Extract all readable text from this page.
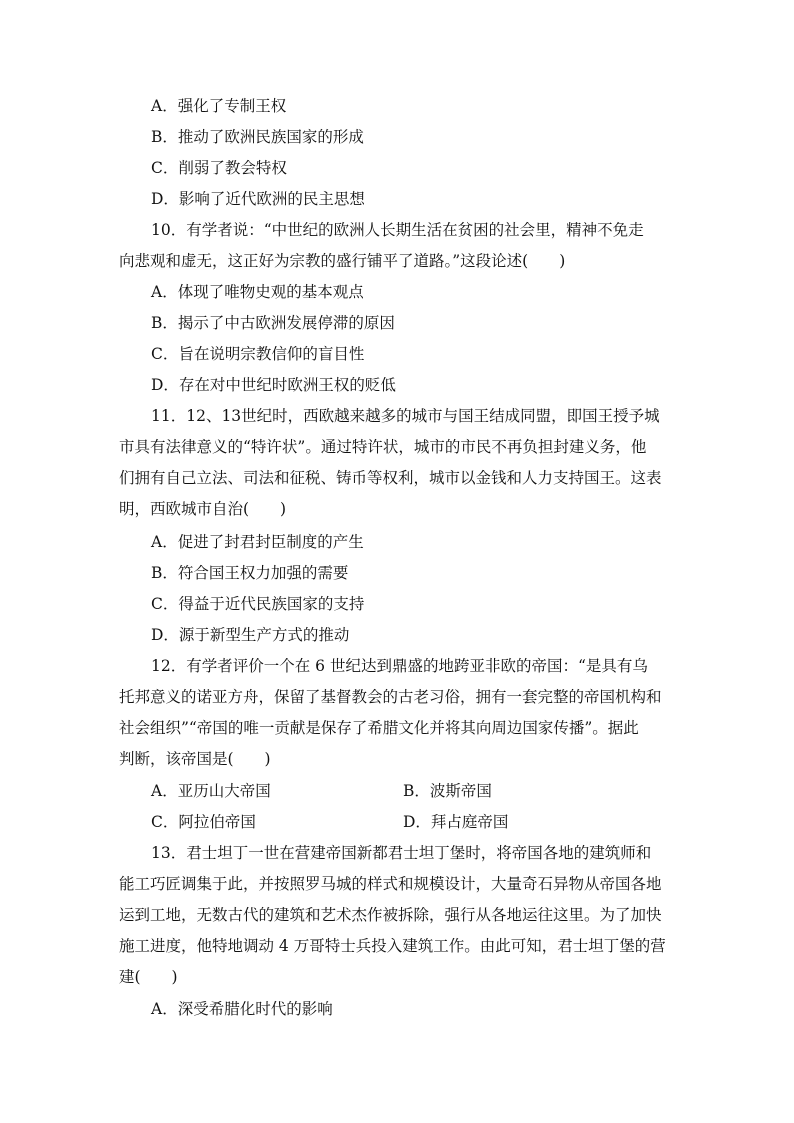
A．强化了专制王权
B．推动了欧洲民族国家的形成
C．削弱了教会特权
D．影响了近代欧洲的民主思想
10．有学者说：“中世纪的欧洲人长期生活在贫困的社会里，精神不免走
向悲观和虚无，这正好为宗教的盛行铺平了道路。”这段论述(　　)
A．体现了唯物史观的基本观点
B．揭示了中古欧洲发展停滞的原因
C．旨在说明宗教信仰的盲目性
D．存在对中世纪时欧洲王权的贬低
11．12、13世纪时，西欧越来越多的城市与国王结成同盟，即国王授予城
市具有法律意义的“特许状”。通过特许状，城市的市民不再负担封建义务，他
们拥有自己立法、司法和征税、铸币等权利，城市以金钱和人力支持国王。这表
明，西欧城市自治(　　)
A．促进了封君封臣制度的产生
B．符合国王权力加强的需要
C．得益于近代民族国家的支持
D．源于新型生产方式的推动
12．有学者评价一个在 6 世纪达到鼎盛的地跨亚非欧的帝国：“是具有乌
托邦意义的诺亚方舟，保留了基督教会的古老习俗，拥有一套完整的帝国机构和
社会组织”“帝国的唯一贡献是保存了希腊文化并将其向周边国家传播”。据此
判断，该帝国是(　　)
A．亚历山大帝国	B．波斯帝国
C．阿拉伯帝国	D．拜占庭帝国
13．君士坦丁一世在营建帝国新都君士坦丁堡时，将帝国各地的建筑师和
能工巧匠调集于此，并按照罗马城的样式和规模设计，大量奇石异物从帝国各地
运到工地，无数古代的建筑和艺术杰作被拆除，强行从各地运往这里。为了加快
施工进度，他特地调动 4 万哥特士兵投入建筑工作。由此可知，君士坦丁堡的营
建(　　)
A．深受希腊化时代的影响
